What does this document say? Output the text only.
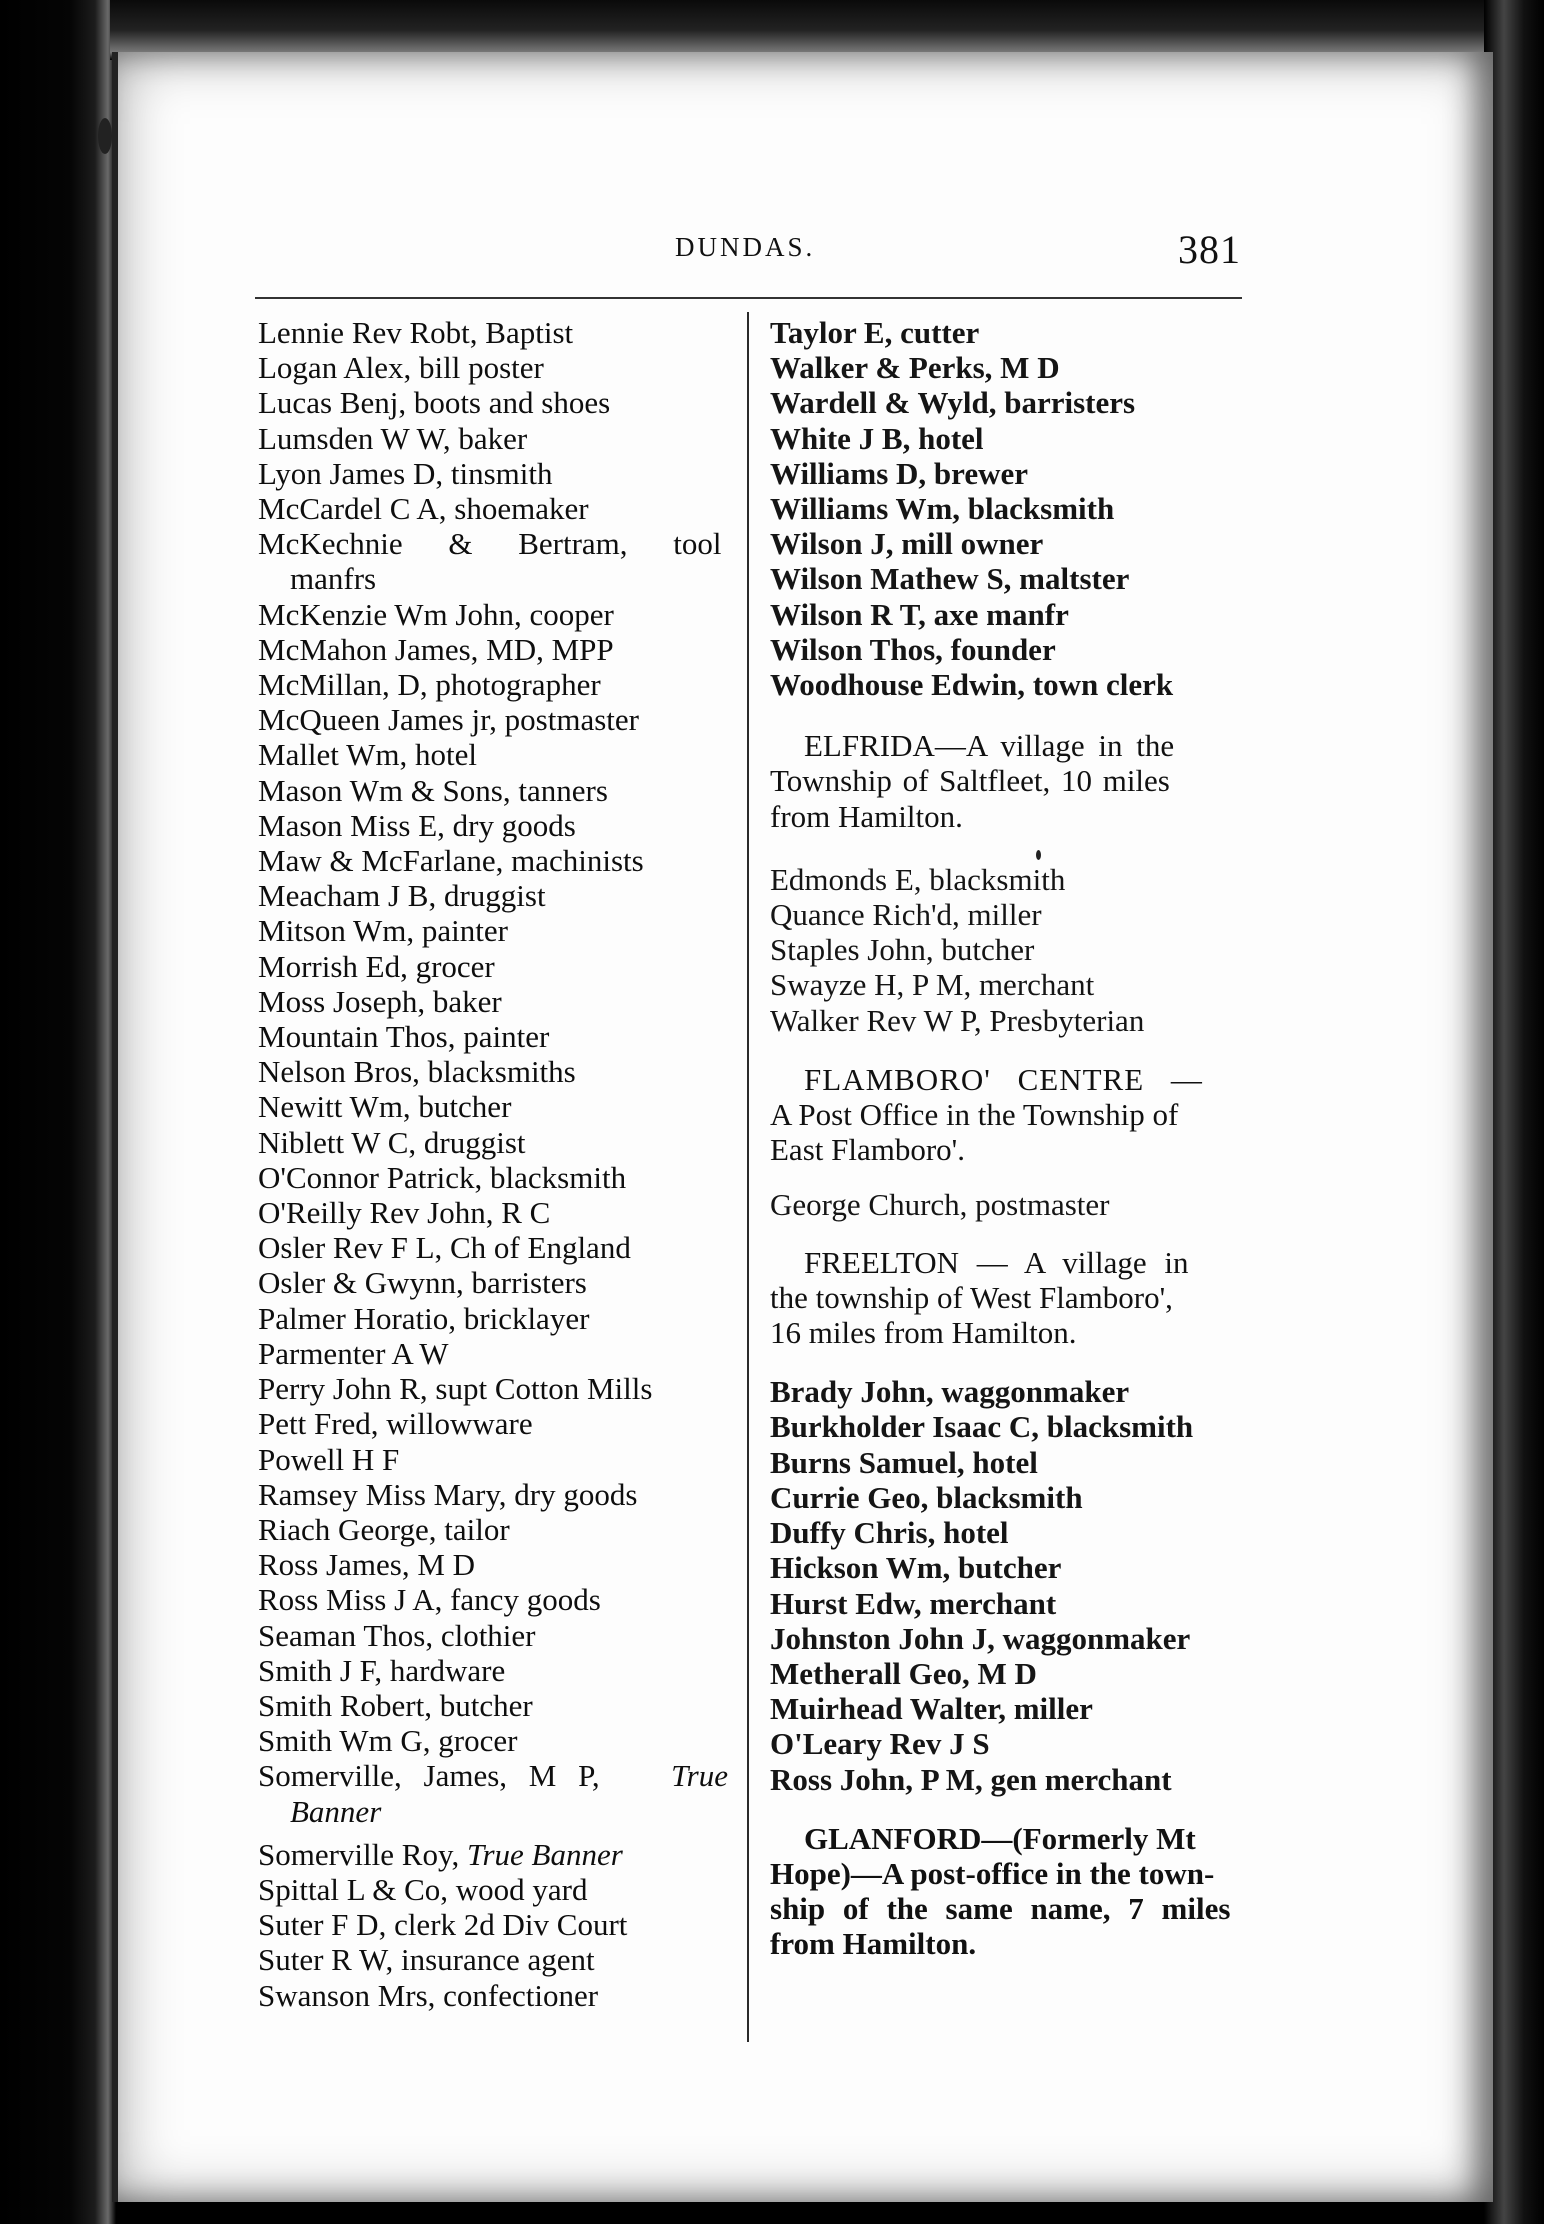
DUNDAS.	381
Lennie Rev Robt, Baptist
Logan Alex, bill poster
Lucas Benj, boots and shoes
Lumsden W W, baker
Lyon James D, tinsmith
McCardel C A, shoemaker
McKechnie & Bertram, tool
manfrs
McKenzie Wm John, cooper
McMahon James, MD, MPP
McMillan, D, photographer
McQueen James jr, postmaster
Mallet Wm, hotel
Mason Wm & Sons, tanners
Mason Miss E, dry goods
Maw & McFarlane, machinists
Meacham J B, druggist
Mitson Wm, painter
Morrish Ed, grocer
Moss Joseph, baker
Mountain Thos, painter
Nelson Bros, blacksmiths
Newitt Wm, butcher
Niblett W C, druggist
O'Connor Patrick, blacksmith
O'Reilly Rev John, R C
Osler Rev F L, Ch of England
Osler & Gwynn, barristers
Palmer Horatio, bricklayer
Parmenter A W
Perry John R, supt Cotton Mills
Pett Fred, willowware
Powell H F
Ramsey Miss Mary, dry goods
Riach George, tailor
Ross James, M D
Ross Miss J A, fancy goods
Seaman Thos, clothier
Smith J F, hardware
Smith Robert, butcher
Smith Wm G, grocer
Somerville, James, M P, True
Banner
Somerville Roy, True Banner
Spittal L & Co, wood yard
Suter F D, clerk 2d Div Court
Suter R W, insurance agent
Swanson Mrs, confectioner
Taylor E, cutter
Walker & Perks, M D
Wardell & Wyld, barristers
White J B, hotel
Williams D, brewer
Williams Wm, blacksmith
Wilson J, mill owner
Wilson Mathew S, maltster
Wilson R T, axe manfr
Wilson Thos, founder
Woodhouse Edwin, town clerk
ELFRIDA—A village in the
Township of Saltfleet, 10 miles
from Hamilton.
Edmonds E, blacksmith
Quance Rich'd, miller
Staples John, butcher
Swayze H, P M, merchant
Walker Rev W P, Presbyterian
FLAMBORO' CENTRE —
A Post Office in the Township of
East Flamboro'.
George Church, postmaster
FREELTON — A village in
the township of West Flamboro',
16 miles from Hamilton.
Brady John, waggonmaker
Burkholder Isaac C, blacksmith
Burns Samuel, hotel
Currie Geo, blacksmith
Duffy Chris, hotel
Hickson Wm, butcher
Hurst Edw, merchant
Johnston John J, waggonmaker
Metherall Geo, M D
Muirhead Walter, miller
O'Leary Rev J S
Ross John, P M, gen merchant
GLANFORD—(Formerly Mt
Hope)—A post-office in the town-
ship of the same name, 7 miles
from Hamilton.
